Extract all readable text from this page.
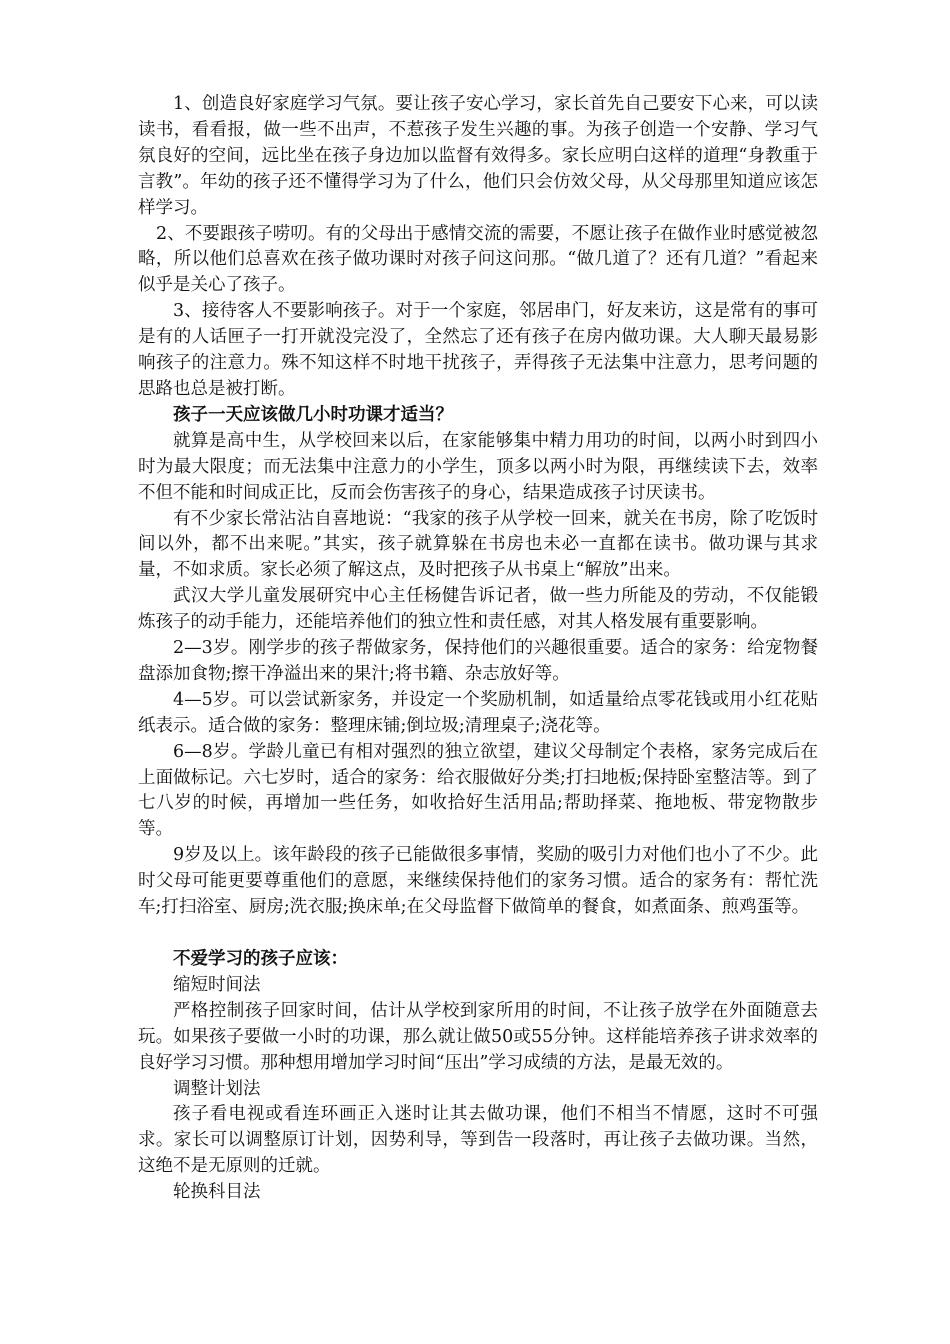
1、创造良好家庭学习气氛。要让孩子安心学习，家长首先自己要安下心来，可以读读书，看看报，做一些不出声，不惹孩子发生兴趣的事。为孩子创造一个安静、学习气氛良好的空间，远比坐在孩子身边加以监督有效得多。家长应明白这样的道理“身教重于言教”。年幼的孩子还不懂得学习为了什么，他们只会仿效父母，从父母那里知道应该怎样学习。

2、不要跟孩子唠叨。有的父母出于感情交流的需要，不愿让孩子在做作业时感觉被忽略，所以他们总喜欢在孩子做功课时对孩子问这问那。“做几道了？还有几道？”看起来似乎是关心了孩子。

3、接待客人不要影响孩子。对于一个家庭，邻居串门，好友来访，这是常有的事可是有的人话匣子一打开就没完没了，全然忘了还有孩子在房内做功课。大人聊天最易影响孩子的注意力。殊不知这样不时地干扰孩子，弄得孩子无法集中注意力，思考问题的思路也总是被打断。

孩子一天应该做几小时功课才适当？

就算是高中生，从学校回来以后，在家能够集中精力用功的时间，以两小时到四小时为最大限度；而无法集中注意力的小学生，顶多以两小时为限，再继续读下去，效率不但不能和时间成正比，反而会伤害孩子的身心，结果造成孩子讨厌读书。

有不少家长常沾沾自喜地说：“我家的孩子从学校一回来，就关在书房，除了吃饭时间以外，都不出来呢。”其实，孩子就算躲在书房也未必一直都在读书。做功课与其求量，不如求质。家长必须了解这点，及时把孩子从书桌上“解放”出来。

武汉大学儿童发展研究中心主任杨健告诉记者，做一些力所能及的劳动，不仅能锻炼孩子的动手能力，还能培养他们的独立性和责任感，对其人格发展有重要影响。

2—3岁。刚学步的孩子帮做家务，保持他们的兴趣很重要。适合的家务：给宠物餐盘添加食物;擦干净溢出来的果汁;将书籍、杂志放好等。

4—5岁。可以尝试新家务，并设定一个奖励机制，如适量给点零花钱或用小红花贴纸表示。适合做的家务：整理床铺;倒垃圾;清理桌子;浇花等。

6—8岁。学龄儿童已有相对强烈的独立欲望，建议父母制定个表格，家务完成后在上面做标记。六七岁时，适合的家务：给衣服做好分类;打扫地板;保持卧室整洁等。到了七八岁的时候，再增加一些任务，如收拾好生活用品;帮助择菜、拖地板、带宠物散步等。

9岁及以上。该年龄段的孩子已能做很多事情，奖励的吸引力对他们也小了不少。此时父母可能更要尊重他们的意愿，来继续保持他们的家务习惯。适合的家务有：帮忙洗车;打扫浴室、厨房;洗衣服;换床单;在父母监督下做简单的餐食，如煮面条、煎鸡蛋等。

不爱学习的孩子应该：

缩短时间法

严格控制孩子回家时间，估计从学校到家所用的时间，不让孩子放学在外面随意去玩。如果孩子要做一小时的功课，那么就让做50或55分钟。这样能培养孩子讲求效率的良好学习习惯。那种想用增加学习时间“压出”学习成绩的方法，是最无效的。

调整计划法

孩子看电视或看连环画正入迷时让其去做功课，他们不相当不情愿，这时不可强求。家长可以调整原订计划，因势利导，等到告一段落时，再让孩子去做功课。当然，这绝不是无原则的迁就。

轮换科目法
